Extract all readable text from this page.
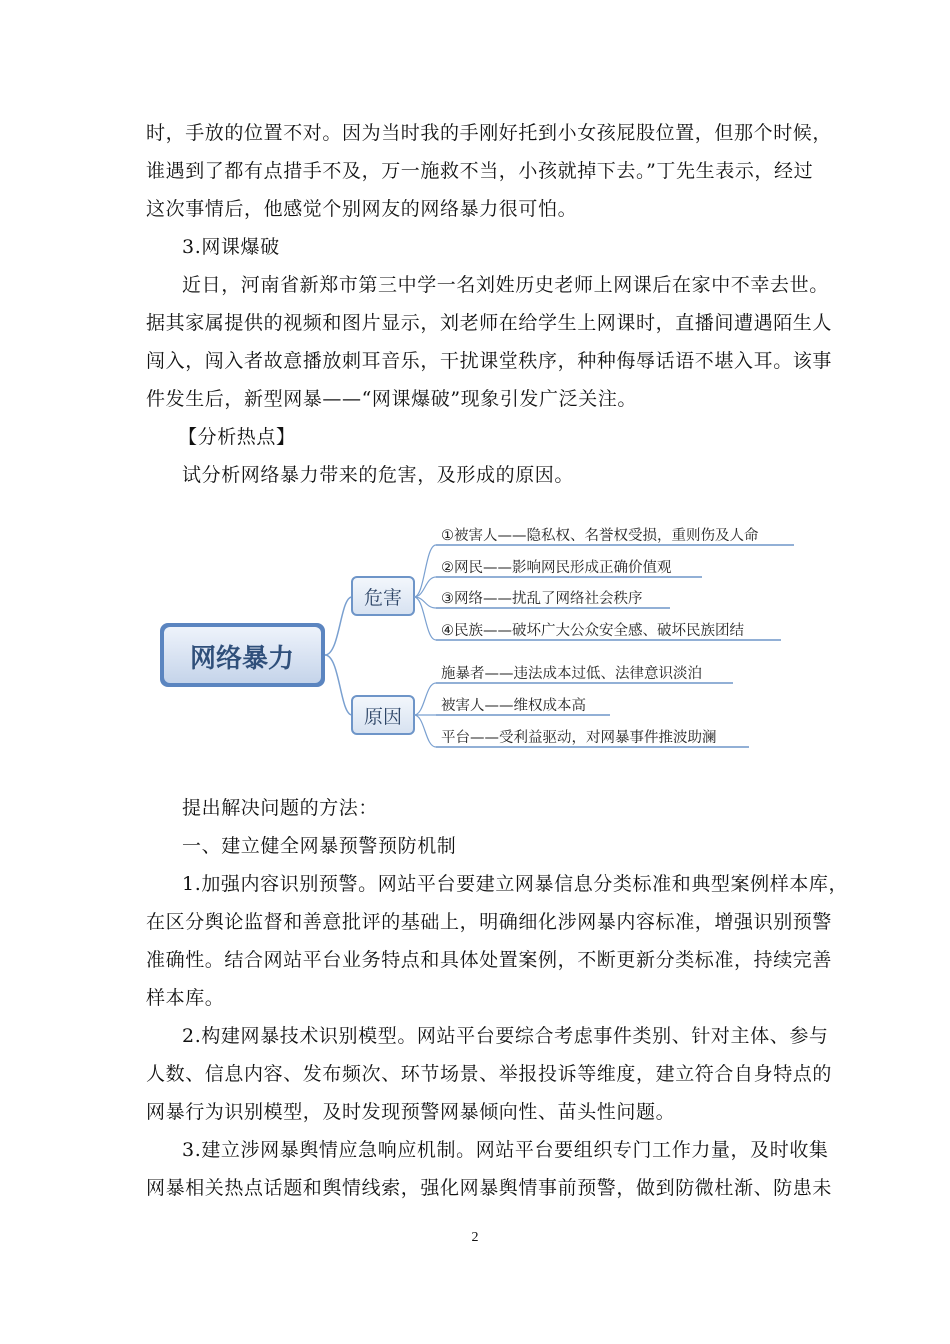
时，手放的位置不对。因为当时我的手刚好托到小女孩屁股位置，但那个时候，
谁遇到了都有点措手不及，万一施救不当，小孩就掉下去。”丁先生表示，经过
这次事情后，他感觉个别网友的网络暴力很可怕。
3.网课爆破
近日，河南省新郑市第三中学一名刘姓历史老师上网课后在家中不幸去世。
据其家属提供的视频和图片显示，刘老师在给学生上网课时，直播间遭遇陌生人
闯入，闯入者故意播放刺耳音乐，干扰课堂秩序，种种侮辱话语不堪入耳。该事
件发生后，新型网暴——“网课爆破”现象引发广泛关注。
【分析热点】
试分析网络暴力带来的危害，及形成的原因。
网络暴力
危害
①被害人——隐私权、名誉权受损，重则伤及人命
②网民——影响网民形成正确价值观
③网络——扰乱了网络社会秩序
④民族——破坏广大公众安全感、破坏民族团结
原因
施暴者——违法成本过低、法律意识淡泊
被害人——维权成本高
平台——受利益驱动，对网暴事件推波助澜
提出解决问题的方法：
一、建立健全网暴预警预防机制
1.加强内容识别预警。网站平台要建立网暴信息分类标准和典型案例样本库，
在区分舆论监督和善意批评的基础上，明确细化涉网暴内容标准，增强识别预警
准确性。结合网站平台业务特点和具体处置案例，不断更新分类标准，持续完善
样本库。
2.构建网暴技术识别模型。网站平台要综合考虑事件类别、针对主体、参与
人数、信息内容、发布频次、环节场景、举报投诉等维度，建立符合自身特点的
网暴行为识别模型，及时发现预警网暴倾向性、苗头性问题。
3.建立涉网暴舆情应急响应机制。网站平台要组织专门工作力量，及时收集
网暴相关热点话题和舆情线索，强化网暴舆情事前预警，做到防微杜渐、防患未
2
